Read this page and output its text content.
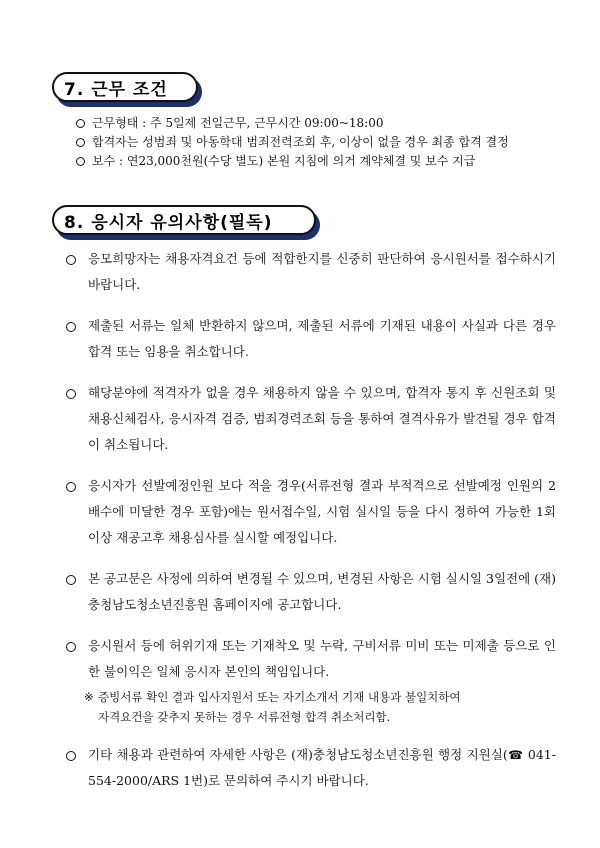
7. 근무 조건
근무형태 : 주 5일제 전일근무, 근무시간 09:00~18:00
합격자는 성범죄 및 아동학대 범죄전력조회 후, 이상이 없을 경우 최종 합격 결정
보수 : 연23,000천원(수당 별도) 본원 지침에 의거 계약체결 및 보수 지급
8. 응시자 유의사항(필독)
응모희망자는 채용자격요건 등에 적합한지를 신중히 판단하여 응시원서를 접수하시기 바랍니다.
제출된 서류는 일체 반환하지 않으며, 제출된 서류에 기재된 내용이 사실과 다른 경우 합격 또는 임용을 취소합니다.
해당분야에 적격자가 없을 경우 채용하지 않을 수 있으며, 합격자 통지 후 신원조회 및 채용신체검사, 응시자격 검증, 범죄경력조회 등을 통하여 결격사유가 발견될 경우 합격이 취소됩니다.
응시자가 선발예정인원 보다 적을 경우(서류전형 결과 부적격으로 선발예정 인원의 2배수에 미달한 경우 포함)에는 원서접수일, 시험 실시일 등을 다시 정하여 가능한 1회 이상 재공고후 채용심사를 실시할 예정입니다.
본 공고문은 사정에 의하여 변경될 수 있으며, 변경된 사항은 시험 실시일 3일전에 (재)충청남도청소년진흥원 홈페이지에 공고합니다.
응시원서 등에 허위기재 또는 기재착오 및 누락, 구비서류 미비 또는 미제출 등으로 인한 불이익은 일체 응시자 본인의 책임입니다.
※ 증빙서류 확인 결과 입사지원서 또는 자기소개서 기재 내용과 불일치하여
자격요건을 갖추지 못하는 경우 서류전형 합격 취소처리함.
기타 채용과 관련하여 자세한 사항은 (재)충청남도청소년진흥원 행정 지원실(☎ 041-554-2000/ARS 1번)로 문의하여 주시기 바랍니다.
